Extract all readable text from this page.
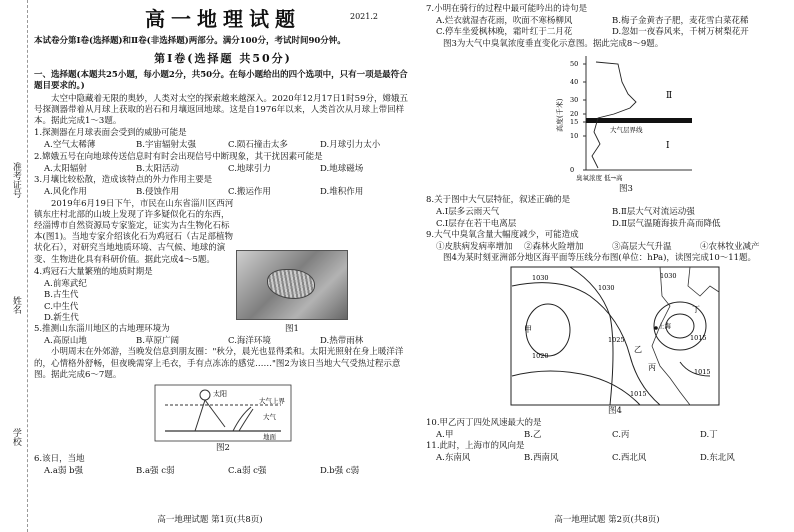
准考证号
姓名
学校
高一地理试题	2021.2
本试卷分第Ⅰ卷(选择题)和Ⅱ卷(非选择题)两部分。满分100分，考试时间90分钟。
第Ⅰ卷(选择题 共50分)
一、选择题(本题共25小题，每小题2分，共50分。在每小题给出的四个选项中，只有一项是最符合题目要求的。)
太空中隐藏着无限的奥妙，人类对太空的探索越来越深入。2020年12月17日1时59分，嫦娥五号探测器带着从月球上获取的岩石和月壤返回地球。这是自1976年以来，人类首次从月球上带回样本。据此完成1～3题。
1.探测器在月球表面会受到的威胁可能是
A.空气太稀薄	B.宇宙辐射太强	C.陨石撞击太多	D.月球引力太小
2.嫦娥五号在向地球传送信息时有时会出现信号中断现象，其干扰因素可能是
A.太阳辐射	B.太阳活动	C.地球引力	D.地球磁场
3.月壤比较松散，造成该特点的外力作用主要是
A.风化作用	B.侵蚀作用	C.搬运作用	D.堆积作用
2019年6月19日下午，市民在山东省淄川区西河镇东庄村北部的山坡上发现了许多疑似化石的东西，经淄博市自然资源局专家鉴定，证实为古生物化石标本(图1)。当地专家介绍该化石为鸡冠石（古足部植物状化石），对研究当地地质环境、古气候、地球的演变、生物进化具有科研价值。据此完成4～5题。
4.鸡冠石大量繁殖的地质时期是
A.前寒武纪
B.古生代
C.中生代
D.新生代
5.推测山东淄川地区的古地理环境为
A.高原山地	B.草原广阔	C.海洋环境	D.热带雨林
小明周末在外郊游，当晚发信息到朋友圈："秋分，晨光也显得柔和。太阳光照射在身上暖洋洋的，心情格外舒畅，但夜晚需穿上毛衣，手有点冻冻的感觉……"图2为该日当地大气受热过程示意图。据此完成6～7题。
太阳
大气上界
大气
地面
图2
6.该日，当地
A.a弱 b强	B.a强 c弱	C.a弱 c强	D.b强 c弱
图1
高一地理试题 第1页(共8页)
7.小明在骑行的过程中最可能吟出的诗句是
A.烂衣就湿杏花雨，吹面不寒杨柳风	B.梅子金黄杏子肥，麦花雪白菜花稀
C.停车坐爱枫林晚，霜叶红于二月花	D.忽如一夜春风来，千树万树梨花开
图3为大气中臭氧浓度垂直变化示意图。据此完成8～9题。
高度(千米)
50
40
30
20
15
10
0
大气层界线
Ⅱ
Ⅰ
臭氧浓度 低→高
图3
8.关于图中大气层特征，叙述正确的是
A.Ⅰ层多云雨天气	B.Ⅱ层大气对流运动强
C.Ⅰ层存在若干电离层	D.Ⅱ层气温随海拔升高而降低
9.大气中臭氧含量大幅度减少，可能造成
①皮肤病发病率增加	②森林火险增加	③高层大气升温	④农林牧业减产
图4为某时刻亚洲部分地区海平面等压线分布图(单位：hPa)，读图完成10～11题。
1030
1030
1025
1020
1015
1015
1015
1030
甲
乙
丙
丁
上海
图4
10.甲乙丙丁四处风速最大的是
A.甲	B.乙	C.丙	D.丁
11.此时，上海市的风向是
A.东南风	B.西南风	C.西北风	D.东北风
高一地理试题 第2页(共8页)
